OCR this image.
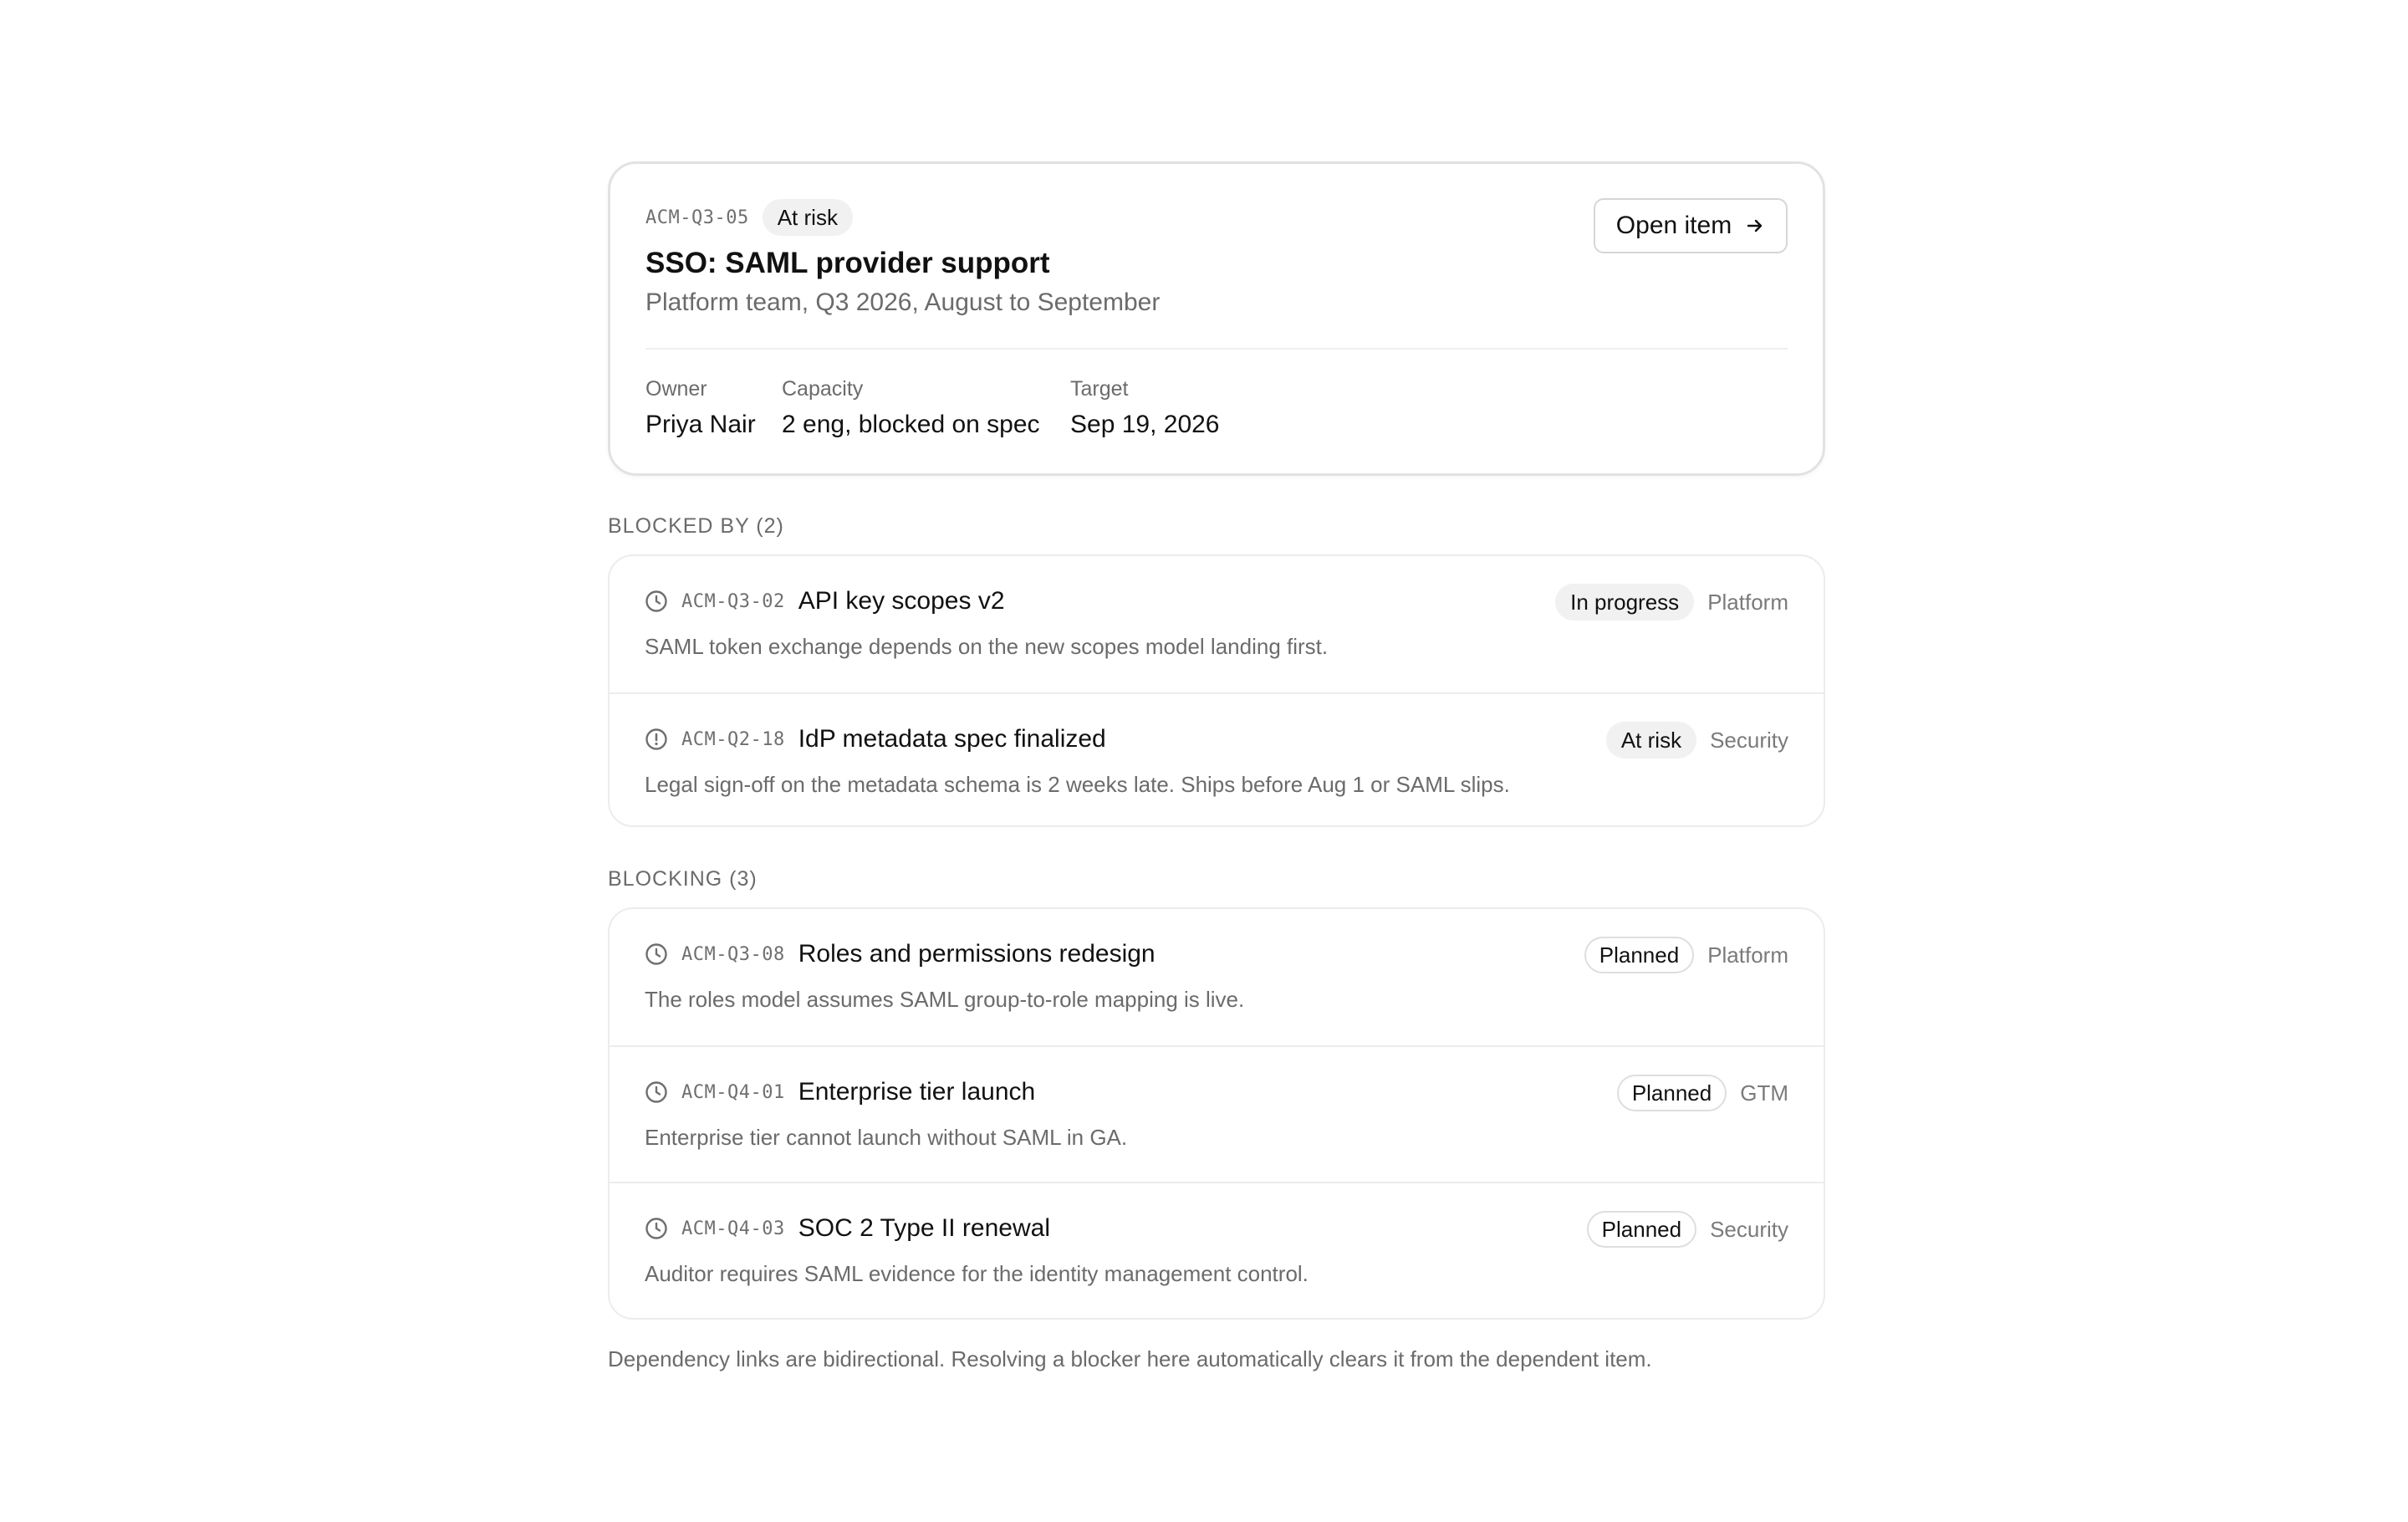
ACM-Q3-05	At risk
SSO: SAML provider support
Platform team, Q3 2026, August to September
Open item
Owner
Priya Nair
Capacity
2 eng, blocked on spec
Target
Sep 19, 2026
BLOCKED BY (2)
ACM-Q3-02 API key scopes v2	In progress	Platform
SAML token exchange depends on the new scopes model landing first.
ACM-Q2-18 IdP metadata spec finalized	At risk	Security
Legal sign-off on the metadata schema is 2 weeks late. Ships before Aug 1 or SAML slips.
BLOCKING (3)
ACM-Q3-08 Roles and permissions redesign	Planned	Platform
The roles model assumes SAML group-to-role mapping is live.
ACM-Q4-01 Enterprise tier launch	Planned	GTM
Enterprise tier cannot launch without SAML in GA.
ACM-Q4-03 SOC 2 Type II renewal	Planned	Security
Auditor requires SAML evidence for the identity management control.
Dependency links are bidirectional. Resolving a blocker here automatically clears it from the dependent item.
